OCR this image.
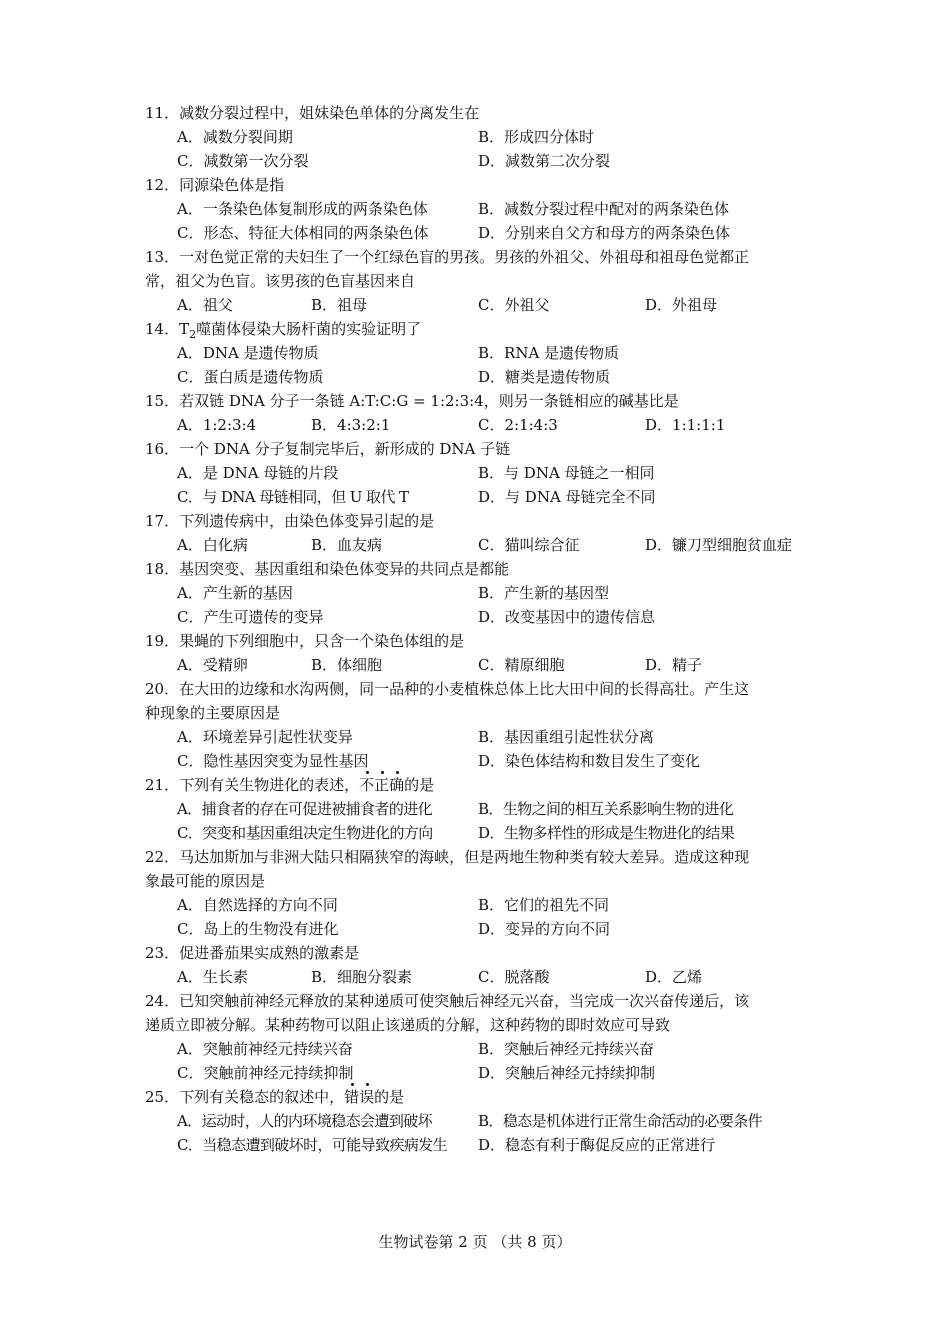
11．减数分裂过程中，姐妹染色单体的分离发生在
A．减数分裂间期	B．形成四分体时
C．减数第一次分裂	D．减数第二次分裂
12．同源染色体是指
A．一条染色体复制形成的两条染色体	B．减数分裂过程中配对的两条染色体
C．形态、特征大体相同的两条染色体	D．分别来自父方和母方的两条染色体
13．一对色觉正常的夫妇生了一个红绿色盲的男孩。男孩的外祖父、外祖母和祖母色觉都正
常，祖父为色盲。该男孩的色盲基因来自
A．祖父	B．祖母	C．外祖父	D．外祖母
14．$T_2$噬菌体侵染大肠杆菌的实验证明了
A．DNA 是遗传物质	B．RNA 是遗传物质
C．蛋白质是遗传物质	D．糖类是遗传物质
15．若双链 DNA 分子一条链 A:T:C:G = 1:2:3:4，则另一条链相应的碱基比是
A．1:2:3:4	B．4:3:2:1	C．2:1:4:3	D．1:1:1:1
16．一个 DNA 分子复制完毕后，新形成的 DNA 子链
A．是 DNA 母链的片段	B．与 DNA 母链之一相同
C．与 DNA 母链相同，但 U 取代 T	D．与 DNA 母链完全不同
17．下列遗传病中，由染色体变异引起的是
A．白化病	B．血友病	C．猫叫综合征	D．镰刀型细胞贫血症
18．基因突变、基因重组和染色体变异的共同点是都能
A．产生新的基因	B．产生新的基因型
C．产生可遗传的变异	D．改变基因中的遗传信息
19．果蝇的下列细胞中，只含一个染色体组的是
A．受精卵	B．体细胞	C．精原细胞	D．精子
20．在大田的边缘和水沟两侧，同一品种的小麦植株总体上比大田中间的长得高壮。产生这
种现象的主要原因是
A．环境差异引起性状变异	B．基因重组引起性状分离
C．隐性基因突变为显性基因	D．染色体结构和数目发生了变化
21．下列有关生物进化的表述，不正确的是
A．捕食者的存在可促进被捕食者的进化	B．生物之间的相互关系影响生物的进化
C．突变和基因重组决定生物进化的方向	D．生物多样性的形成是生物进化的结果
22．马达加斯加与非洲大陆只相隔狭窄的海峡，但是两地生物种类有较大差异。造成这种现
象最可能的原因是
A．自然选择的方向不同	B．它们的祖先不同
C．岛上的生物没有进化	D．变异的方向不同
23．促进番茄果实成熟的激素是
A．生长素	B．细胞分裂素	C．脱落酸	D．乙烯
24．已知突触前神经元释放的某种递质可使突触后神经元兴奋，当完成一次兴奋传递后，该
递质立即被分解。某种药物可以阻止该递质的分解，这种药物的即时效应可导致
A．突触前神经元持续兴奋	B．突触后神经元持续兴奋
C．突触前神经元持续抑制	D．突触后神经元持续抑制
25．下列有关稳态的叙述中，错误的是
A．运动时，人的内环境稳态会遭到破坏	B．稳态是机体进行正常生命活动的必要条件
C．当稳态遭到破坏时，可能导致疾病发生 D．稳态有利于酶促反应的正常进行
生物试卷第 2 页 （共 8 页）
